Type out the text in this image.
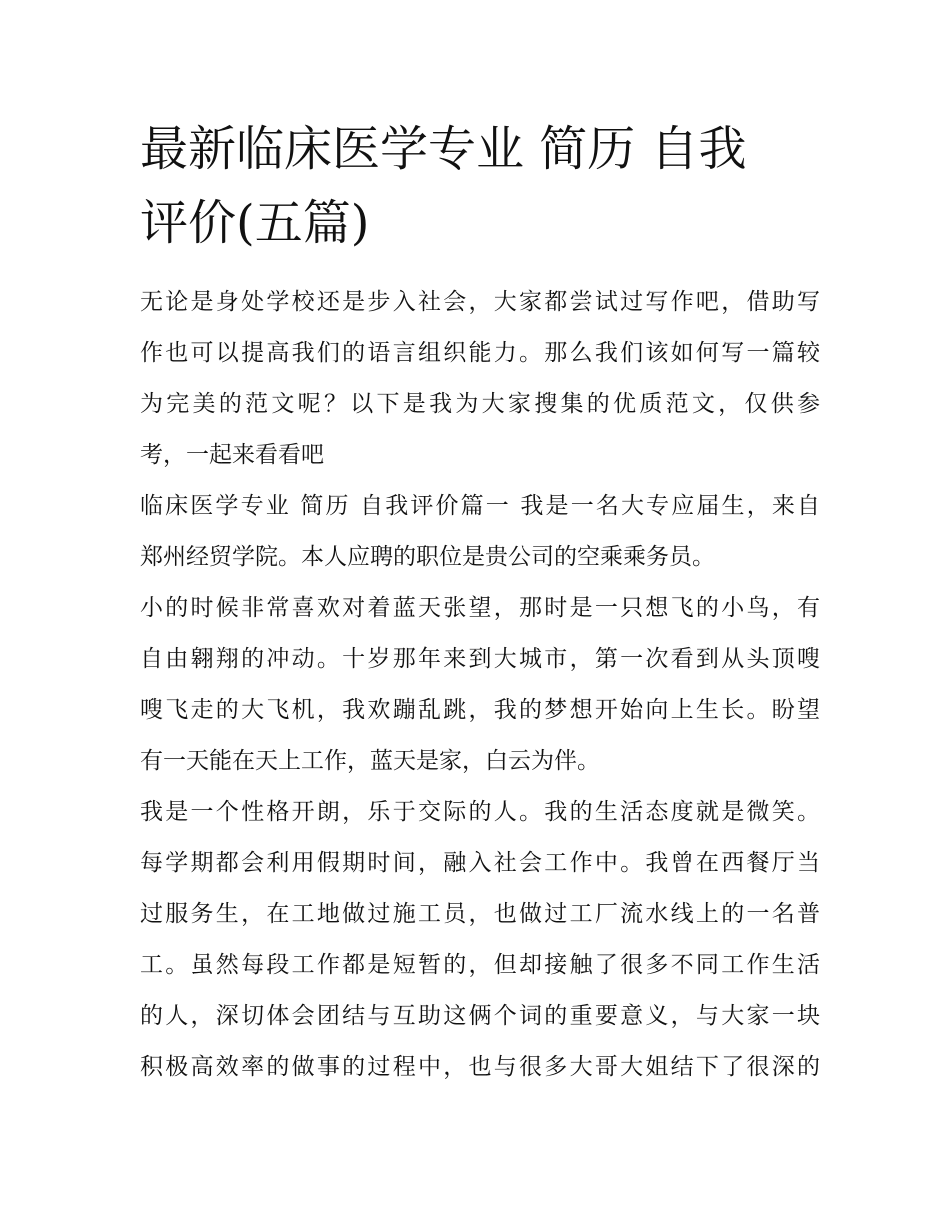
最新临床医学专业 简历 自我
评价(五篇)
无论是身处学校还是步入社会，大家都尝试过写作吧，借助写
作也可以提高我们的语言组织能力。那么我们该如何写一篇较
为完美的范文呢？以下是我为大家搜集的优质范文，仅供参
考，一起来看看吧
临床医学专业 简历 自我评价篇一 我是一名大专应届生，来自
郑州经贸学院。本人应聘的职位是贵公司的空乘乘务员。
小的时候非常喜欢对着蓝天张望，那时是一只想飞的小鸟，有
自由翱翔的冲动。十岁那年来到大城市，第一次看到从头顶嗖
嗖飞走的大飞机，我欢蹦乱跳，我的梦想开始向上生长。盼望
有一天能在天上工作，蓝天是家，白云为伴。
我是一个性格开朗，乐于交际的人。我的生活态度就是微笑。
每学期都会利用假期时间，融入社会工作中。我曾在西餐厅当
过服务生，在工地做过施工员，也做过工厂流水线上的一名普
工。虽然每段工作都是短暂的，但却接触了很多不同工作生活
的人，深切体会团结与互助这俩个词的重要意义，与大家一块
积极高效率的做事的过程中，也与很多大哥大姐结下了很深的
